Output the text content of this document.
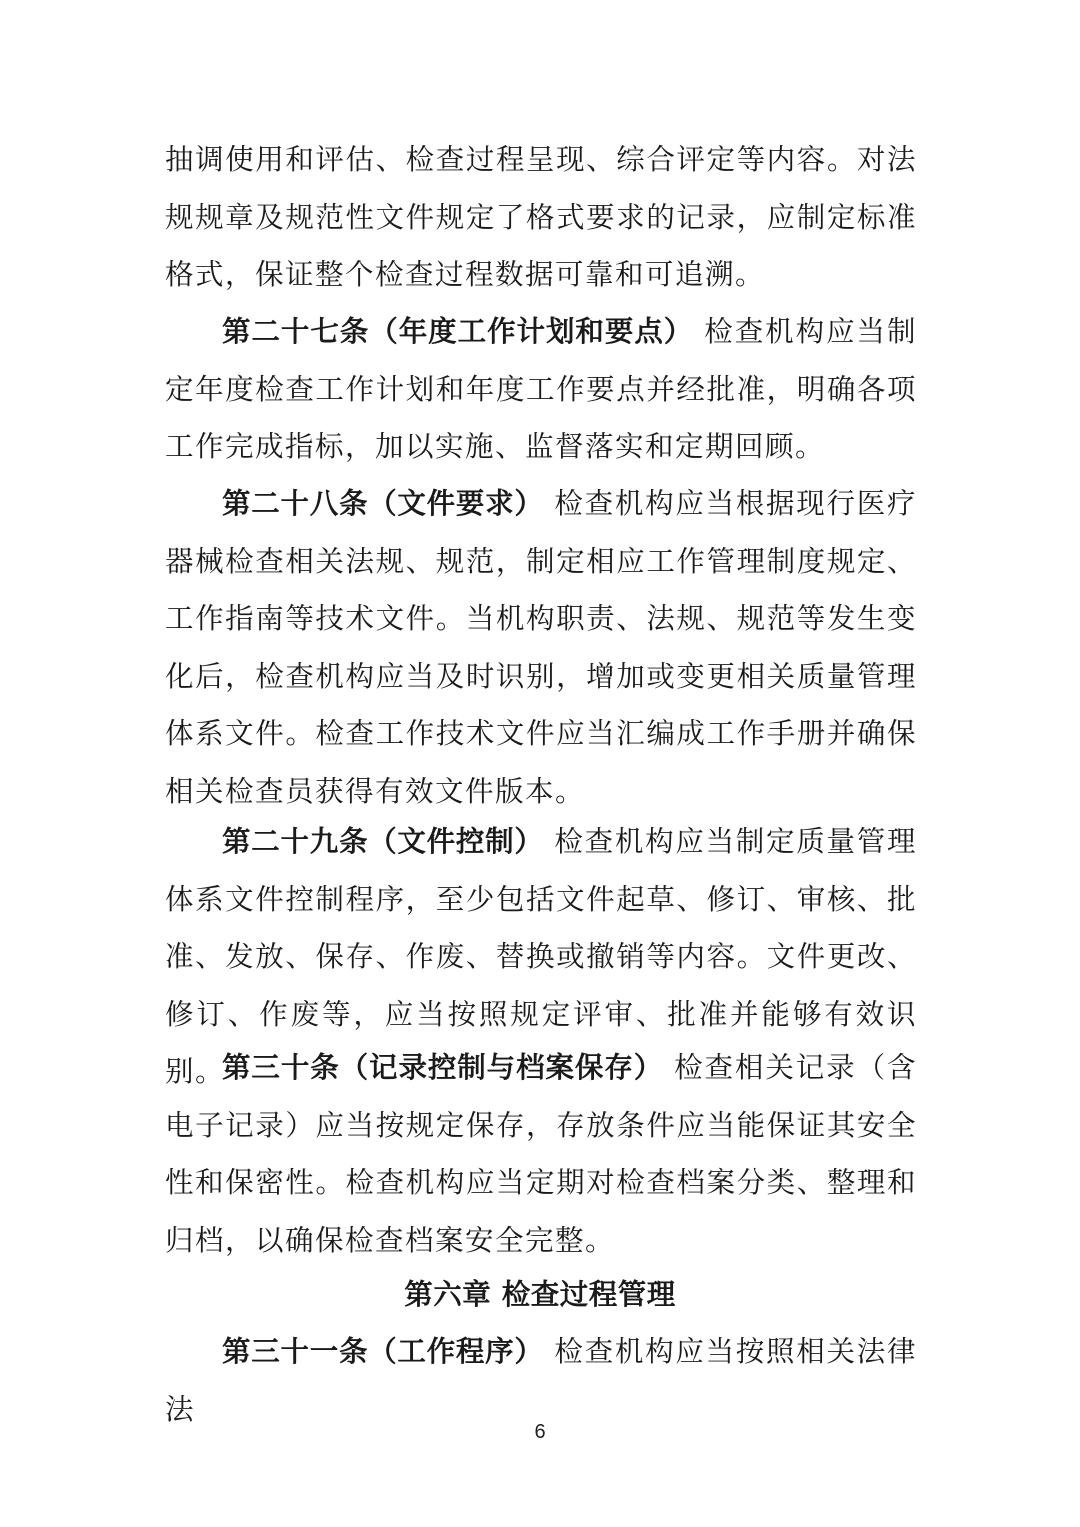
抽调使用和评估、检查过程呈现、综合评定等内容。对法规规章及规范性文件规定了格式要求的记录，应制定标准格式，保证整个检查过程数据可靠和可追溯。
第二十七条（年度工作计划和要点） 检查机构应当制定年度检查工作计划和年度工作要点并经批准，明确各项工作完成指标，加以实施、监督落实和定期回顾。
第二十八条（文件要求） 检查机构应当根据现行医疗器械检查相关法规、规范，制定相应工作管理制度规定、工作指南等技术文件。当机构职责、法规、规范等发生变化后，检查机构应当及时识别，增加或变更相关质量管理体系文件。检查工作技术文件应当汇编成工作手册并确保相关检查员获得有效文件版本。
第二十九条（文件控制） 检查机构应当制定质量管理体系文件控制程序，至少包括文件起草、修订、审核、批准、发放、保存、作废、替换或撤销等内容。文件更改、修订、作废等，应当按照规定评审、批准并能够有效识别。
第三十条（记录控制与档案保存） 检查相关记录（含电子记录）应当按规定保存，存放条件应当能保证其安全性和保密性。检查机构应当定期对检查档案分类、整理和归档，以确保检查档案安全完整。
第六章 检查过程管理
第三十一条（工作程序） 检查机构应当按照相关法律法
6
